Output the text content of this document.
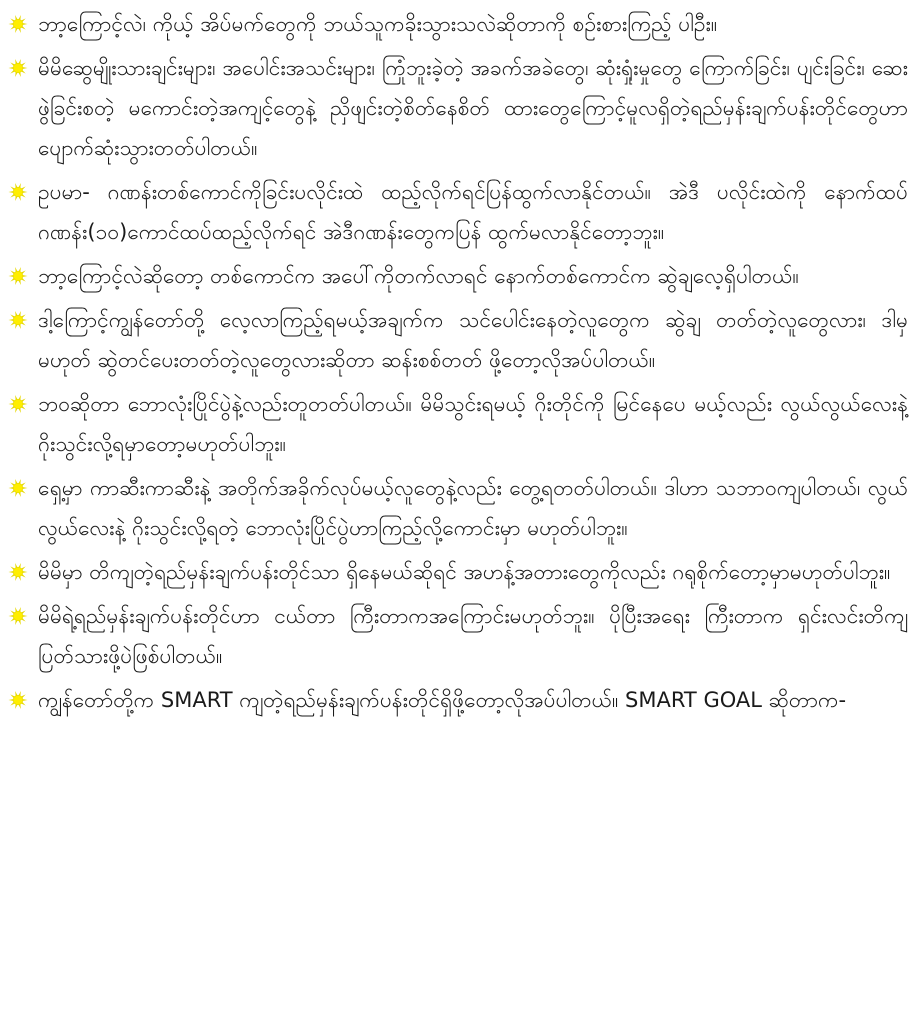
ဘာ့ကြောင့်လဲ၊ ကိုယ့် အိပ်မက်တွေကို ဘယ်သူကခိုးသွားသလဲဆိုတာကို စဉ်းစားကြည့် ပါဦး။
မိမိဆွေမျိုးသားချင်းများ၊ အပေါင်းအသင်းများ၊ ကြုံဘူးခဲ့တဲ့ အခက်အခဲတွေ၊ ဆုံးရှုံးမှုတွေ ကြောက်ခြင်း၊ ပျင်းခြင်း၊ ဆေးဖွဲခြင်းစတဲ့ မကောင်းတဲ့အကျင့်တွေနဲ့ ညှိဖျင်းတဲ့စိတ်နေစိတ် ထားတွေကြောင့်မူလရှိတဲ့ရည်မှန်းချက်ပန်းတိုင်တွေဟာ ပျောက်ဆုံးသွားတတ်ပါတယ်။
ဥပမာ- ဂဏန်းတစ်ကောင်ကိုခြင်းပလိုင်းထဲ ထည့်လိုက်ရင်ပြန်ထွက်လာနိုင်တယ်။ အဲဒီ ပလိုင်းထဲကို နောက်ထပ် ဂဏန်း(၁၀)ကောင်ထပ်ထည့်လိုက်ရင် အဲဒီဂဏန်းတွေကပြန် ထွက်မလာနိုင်တော့ဘူး။
ဘာ့ကြောင့်လဲဆိုတော့ တစ်ကောင်က အပေါ်ကိုတက်လာရင် နောက်တစ်ကောင်က ဆွဲချလေ့ရှိပါတယ်။
ဒါ့ကြောင့်ကျွန်တော်တို့ လေ့လာကြည့်ရမယ့်အချက်က သင်ပေါင်းနေတဲ့လူတွေက ဆွဲချ တတ်တဲ့လူတွေလား၊ ဒါမှမဟုတ် ဆွဲတင်ပေးတတ်တဲ့လူတွေလားဆိုတာ ဆန်းစစ်တတ် ဖို့တော့လိုအပ်ပါတယ်။
ဘဝဆိုတာ ဘောလုံးပြိုင်ပွဲနဲ့လည်းတူတတ်ပါတယ်။ မိမိသွင်းရမယ့် ဂိုးတိုင်ကို မြင်နေပေ မယ့်လည်း လွယ်လွယ်လေးနဲ့ ဂိုးသွင်းလို့ရမှာတော့မဟုတ်ပါဘူး။
ရှေ့မှာ ကာဆီးကာဆီးနဲ့ အတိုက်အခိုက်လုပ်မယ့်လူတွေနဲ့လည်း တွေ့ရတတ်ပါတယ်။ ဒါဟာ သဘာဝကျပါတယ်၊ လွယ်လွယ်လေးနဲ့ ဂိုးသွင်းလို့ရတဲ့ ဘောလုံးပြိုင်ပွဲဟာကြည့်လို့ကောင်းမှာ မဟုတ်ပါဘူး။
မိမိမှာ တိကျတဲ့ရည်မှန်းချက်ပန်းတိုင်သာ ရှိနေမယ်ဆိုရင် အဟန့်အတားတွေကိုလည်း ဂရုစိုက်တော့မှာမဟုတ်ပါဘူး။
မိမိရဲ့ရည်မှန်းချက်ပန်းတိုင်ဟာ ငယ်တာ ကြီးတာကအကြောင်းမဟုတ်ဘူး။ ပိုပြီးအရေး ကြီးတာက ရှင်းလင်းတိကျပြတ်သားဖို့ပဲဖြစ်ပါတယ်။
ကျွန်တော်တို့က SMART ကျတဲ့ရည်မှန်းချက်ပန်းတိုင်ရှိဖို့တော့လိုအပ်ပါတယ်။ SMART GOAL ဆိုတာက-
